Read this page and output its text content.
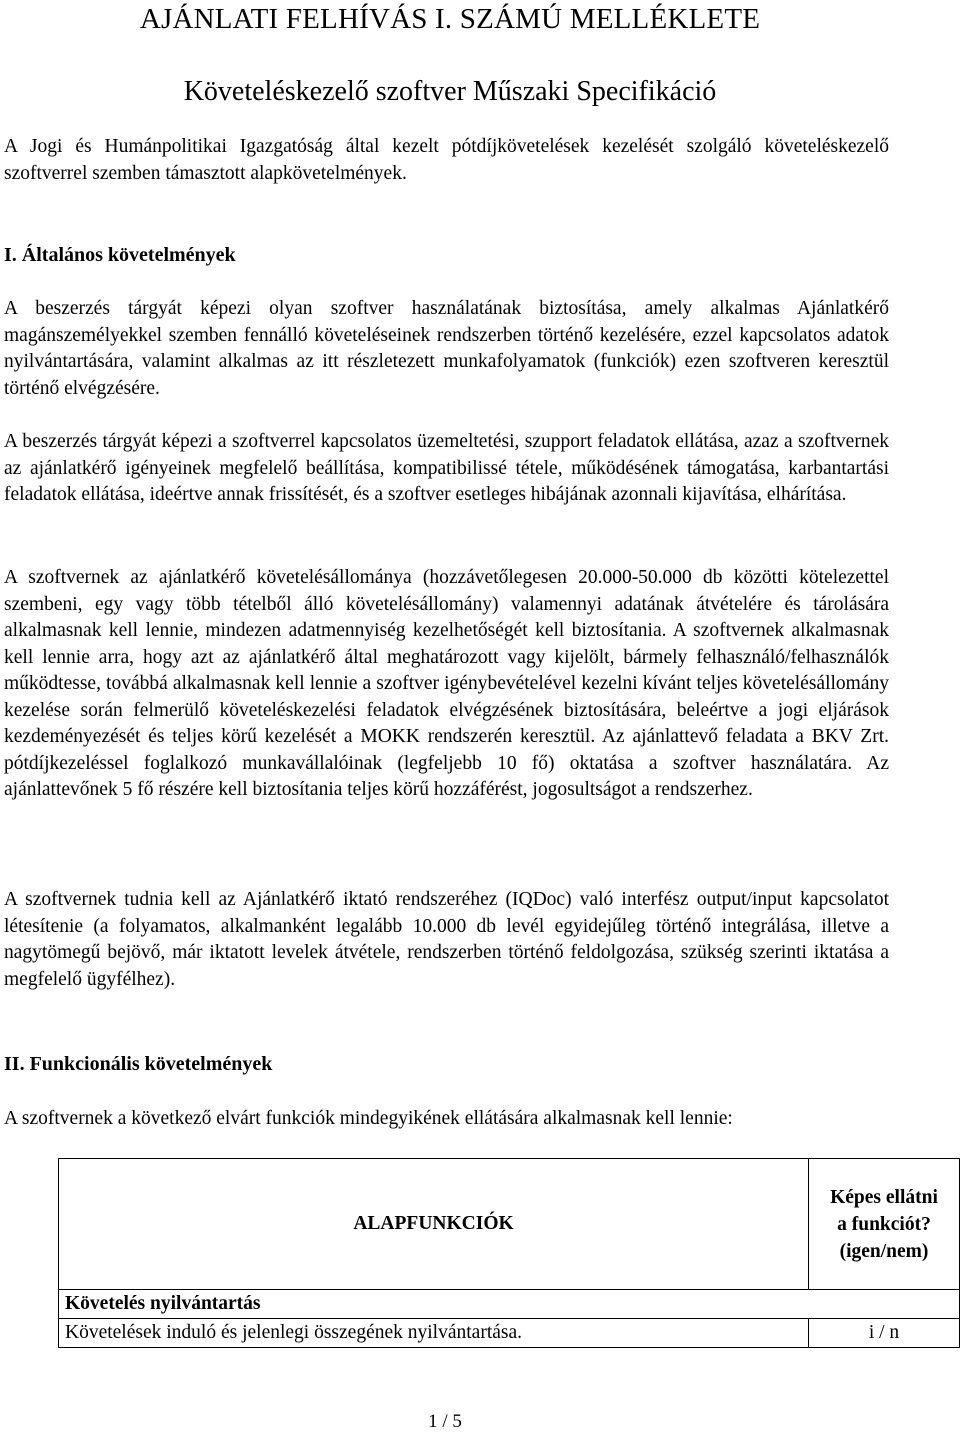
AJÁNLATI FELHÍVÁS I. SZÁMÚ MELLÉKLETE
Követeléskezelő szoftver Műszaki Specifikáció

A Jogi és Humánpolitikai Igazgatóság által kezelt pótdíjkövetelések kezelését szolgáló követeléskezelő szoftverrel szemben támasztott alapkövetelmények.

I. Általános követelmények

A beszerzés tárgyát képezi olyan szoftver használatának biztosítása, amely alkalmas Ajánlatkérő magánszemélyekkel szemben fennálló követeléseinek rendszerben történő kezelésére, ezzel kapcsolatos adatok nyilvántartására, valamint alkalmas az itt részletezett munkafolyamatok (funkciók) ezen szoftveren keresztül történő elvégzésére.

A beszerzés tárgyát képezi a szoftverrel kapcsolatos üzemeltetési, szupport feladatok ellátása, azaz a szoftvernek az ajánlatkérő igényeinek megfelelő beállítása, kompatibilissé tétele, működésének támogatása, karbantartási feladatok ellátása, ideértve annak frissítését, és a szoftver esetleges hibájának azonnali kijavítása, elhárítása.

A szoftvernek az ajánlatkérő követelésállománya (hozzávetőlegesen 20.000-50.000 db közötti kötelezettel szembeni, egy vagy több tételből álló követelésállomány) valamennyi adatának átvételére és tárolására alkalmasnak kell lennie, mindezen adatmennyiség kezelhetőségét kell biztosítania. A szoftvernek alkalmasnak kell lennie arra, hogy azt az ajánlatkérő által meghatározott vagy kijelölt, bármely felhasználó/felhasználók működtesse, továbbá alkalmasnak kell lennie a szoftver igénybevételével kezelni kívánt teljes követelésállomány kezelése során felmerülő követeléskezelési feladatok elvégzésének biztosítására, beleértve a jogi eljárások kezdeményezését és teljes körű kezelését a MOKK rendszerén keresztül. Az ajánlattevő feladata a BKV Zrt. pótdíjkezeléssel foglalkozó munkavállalóinak (legfeljebb 10 fő) oktatása a szoftver használatára. Az ajánlattevőnek 5 fő részére kell biztosítania teljes körű hozzáférést, jogosultságot a rendszerhez.

A szoftvernek tudnia kell az Ajánlatkérő iktató rendszeréhez (IQDoc) való interfész output/input kapcsolatot létesítenie (a folyamatos, alkalmanként legalább 10.000 db levél egyidejűleg történő integrálása, illetve a nagytömegű bejövő, már iktatott levelek átvétele, rendszerben történő feldolgozása, szükség szerinti iktatása a megfelelő ügyfélhez).

II. Funkcionális követelmények

A szoftvernek a következő elvárt funkciók mindegyikének ellátására alkalmasnak kell lennie:

ALAPFUNKCIÓK	Képes ellátni
a funkciót?
(igen/nem)
Követelés nyilvántartás	
Követelések induló és jelenlegi összegének nyilvántartása.	i / n
1 / 5
